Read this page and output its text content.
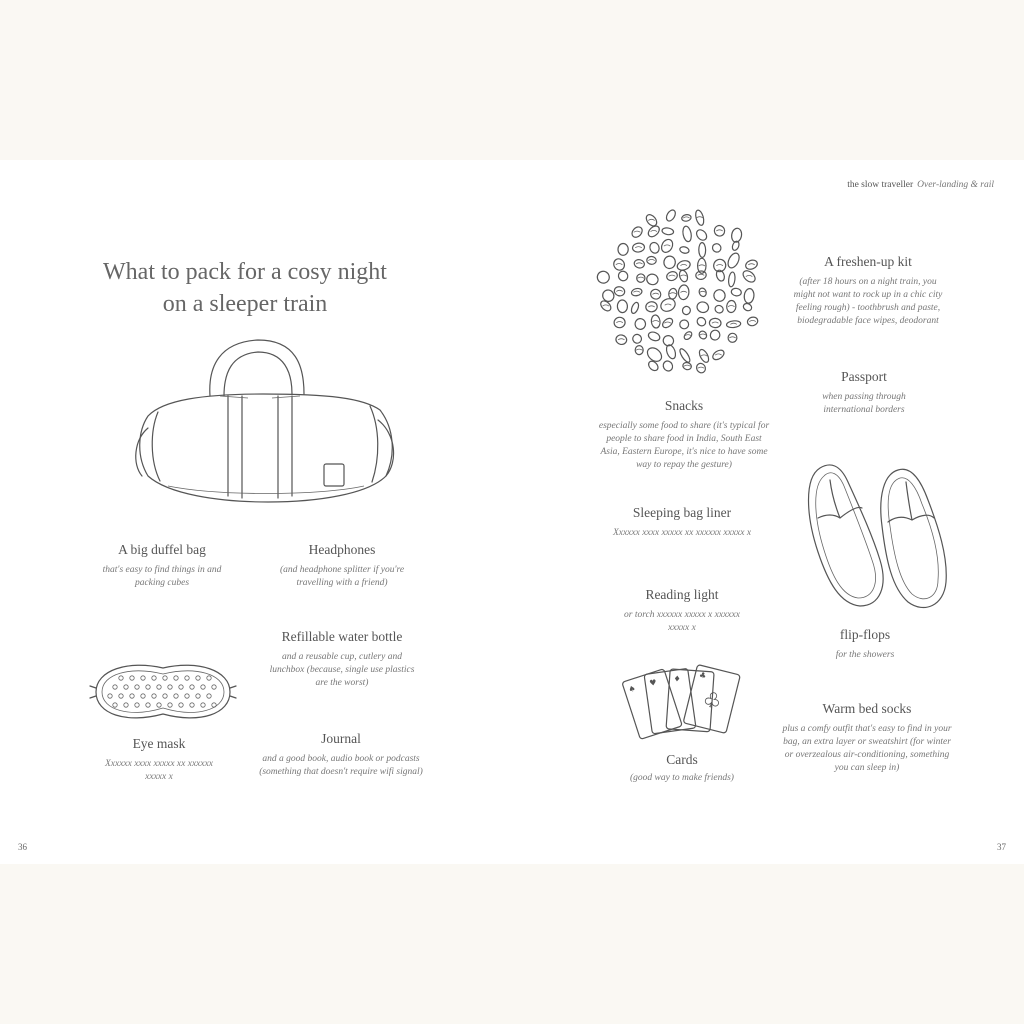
the slow traveller Over-landing & rail
What to pack for a cosy night on a sleeper train
A big duffel bag
that's easy to find things in and packing cubes
Headphones
(and headphone splitter if you're travelling with a friend)
Refillable water bottle
and a reusable cup, cutlery and lunchbox (because, single use plastics are the worst)
Eye mask
Xxxxxx xxxx xxxxx xx xxxxxx xxxxx x
Journal
and a good book, audio book or podcasts (something that doesn't require wifi signal)
Snacks
especially some food to share (it's typical for people to share food in India, South East Asia, Eastern Europe, it's nice to have some way to repay the gesture)
A freshen-up kit
(after 18 hours on a night train, you might not want to rock up in a chic city feeling rough) - toothbrush and paste, biodegradable face wipes, deodorant
Passport
when passing through international borders
Sleeping bag liner
Xxxxxx xxxx xxxxx xx xxxxxx xxxxx x
Reading light
or torch xxxxxx xxxxx x xxxxxx xxxxx x	flip-flops
for the showers
♠
♥ ♦ ♣
♣
Cards
(good way to make friends)
Warm bed socks
plus a comfy outfit that's easy to find in your bag, an extra layer or sweatshirt (for winter or overzealous air-conditioning, something you can sleep in)
36	37
